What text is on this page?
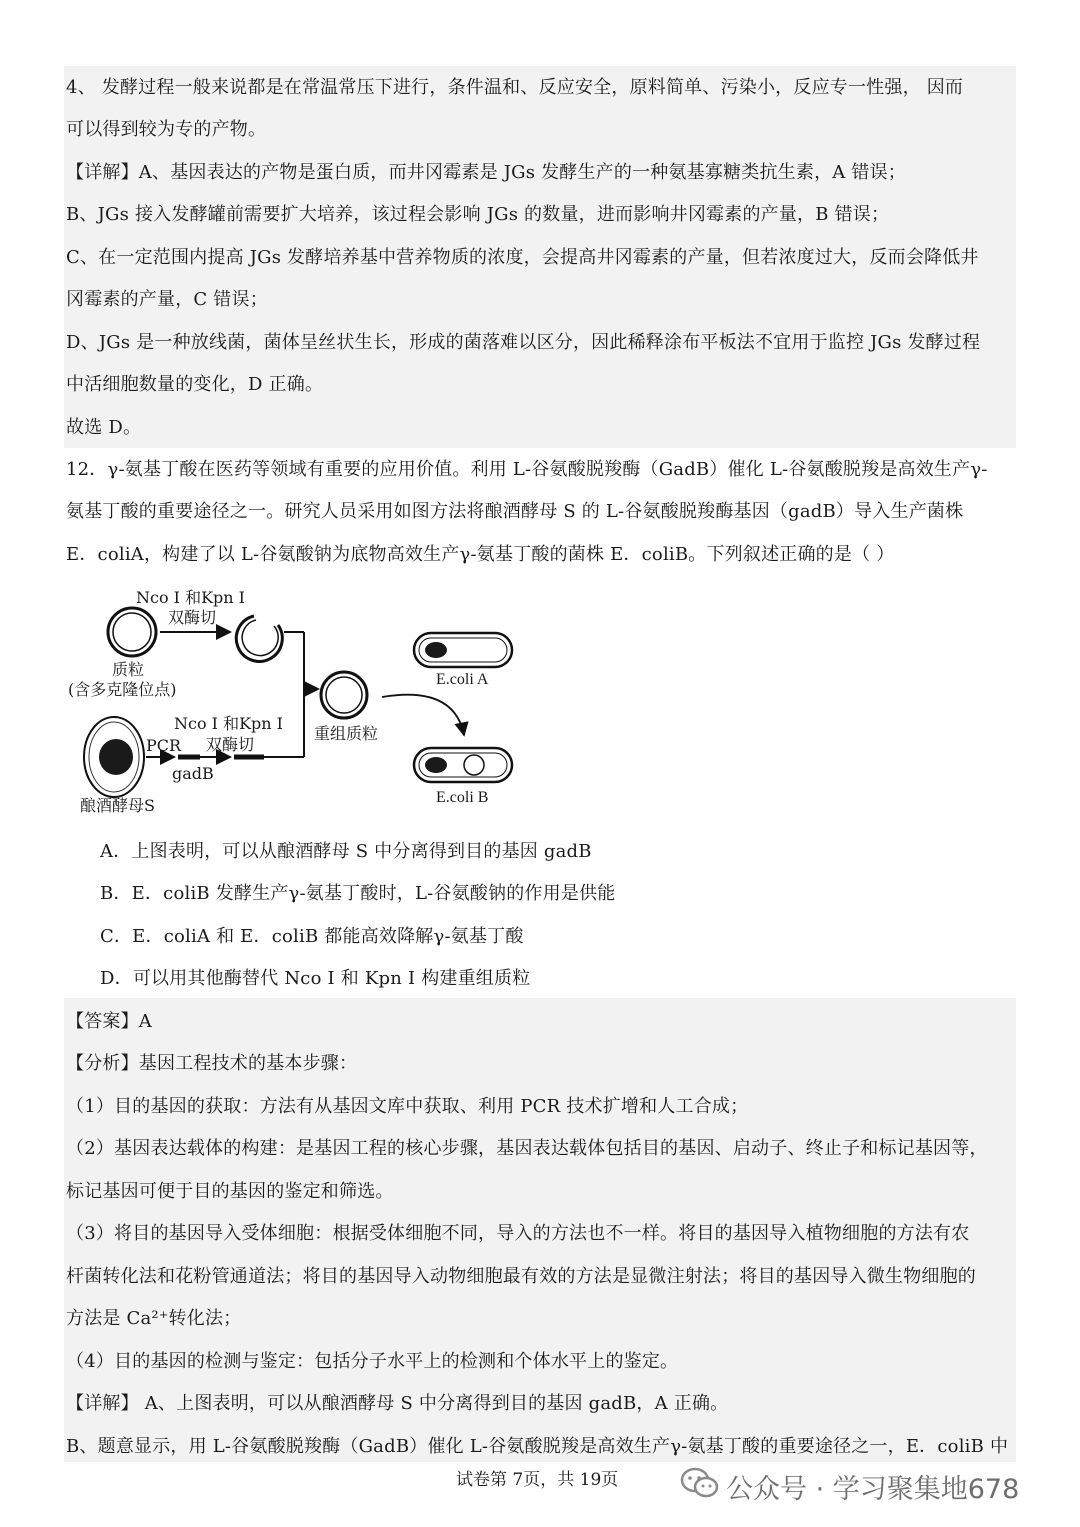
4、 发酵过程一般来说都是在常温常压下进行，条件温和、反应安全，原料简单、污染小，反应专一性强， 因而
可以得到较为专的产物。
【详解】A、基因表达的产物是蛋白质，而井冈霉素是 JGs 发酵生产的一种氨基寡糖类抗生素，A 错误；
B、JGs 接入发酵罐前需要扩大培养，该过程会影响 JGs 的数量，进而影响井冈霉素的产量，B 错误；
C、在一定范围内提高 JGs 发酵培养基中营养物质的浓度，会提高井冈霉素的产量，但若浓度过大，反而会降低井
冈霉素的产量，C 错误；
D、JGs 是一种放线菌，菌体呈丝状生长，形成的菌落难以区分，因此稀释涂布平板法不宜用于监控 JGs 发酵过程
中活细胞数量的变化，D 正确。
故选 D。
12．γ-氨基丁酸在医药等领域有重要的应用价值。利用 L-谷氨酸脱羧酶（GadB）催化 L-谷氨酸脱羧是高效生产γ-
氨基丁酸的重要途径之一。研究人员采用如图方法将酿酒酵母 S 的 L-谷氨酸脱羧酶基因（gadB）导入生产菌株
E．coliA，构建了以 L-谷氨酸钠为底物高效生产γ-氨基丁酸的菌株 E．coliB。下列叙述正确的是（ ）
Nco I 和Kpn I
双酶切
质粒
(含多克隆位点)
Nco I 和Kpn I
双酶切
PCR
gadB
酿酒酵母S
重组质粒
E.coli A
E.coli B
A．上图表明，可以从酿酒酵母 S 中分离得到目的基因 gadB
B．E．coliB 发酵生产γ-氨基丁酸时，L-谷氨酸钠的作用是供能
C．E．coliA 和 E．coliB 都能高效降解γ-氨基丁酸
D．可以用其他酶替代 Nco Ⅰ 和 Kpn Ⅰ 构建重组质粒
【答案】A
【分析】基因工程技术的基本步骤：
（1）目的基因的获取：方法有从基因文库中获取、利用 PCR 技术扩增和人工合成；
（2）基因表达载体的构建：是基因工程的核心步骤，基因表达载体包括目的基因、启动子、终止子和标记基因等，
标记基因可便于目的基因的鉴定和筛选。
（3）将目的基因导入受体细胞：根据受体细胞不同，导入的方法也不一样。将目的基因导入植物细胞的方法有农
杆菌转化法和花粉管通道法；将目的基因导入动物细胞最有效的方法是显微注射法；将目的基因导入微生物细胞的
方法是 Ca²⁺转化法；
（4）目的基因的检测与鉴定：包括分子水平上的检测和个体水平上的鉴定。
【详解】 A、上图表明，可以从酿酒酵母 S 中分离得到目的基因 gadB，A 正确。
B、题意显示，用 L-谷氨酸脱羧酶（GadB）催化 L-谷氨酸脱羧是高效生产γ-氨基丁酸的重要途径之一，E．coliB 中
试卷第 7页，共 19页	公众号 · 学习聚集地678
